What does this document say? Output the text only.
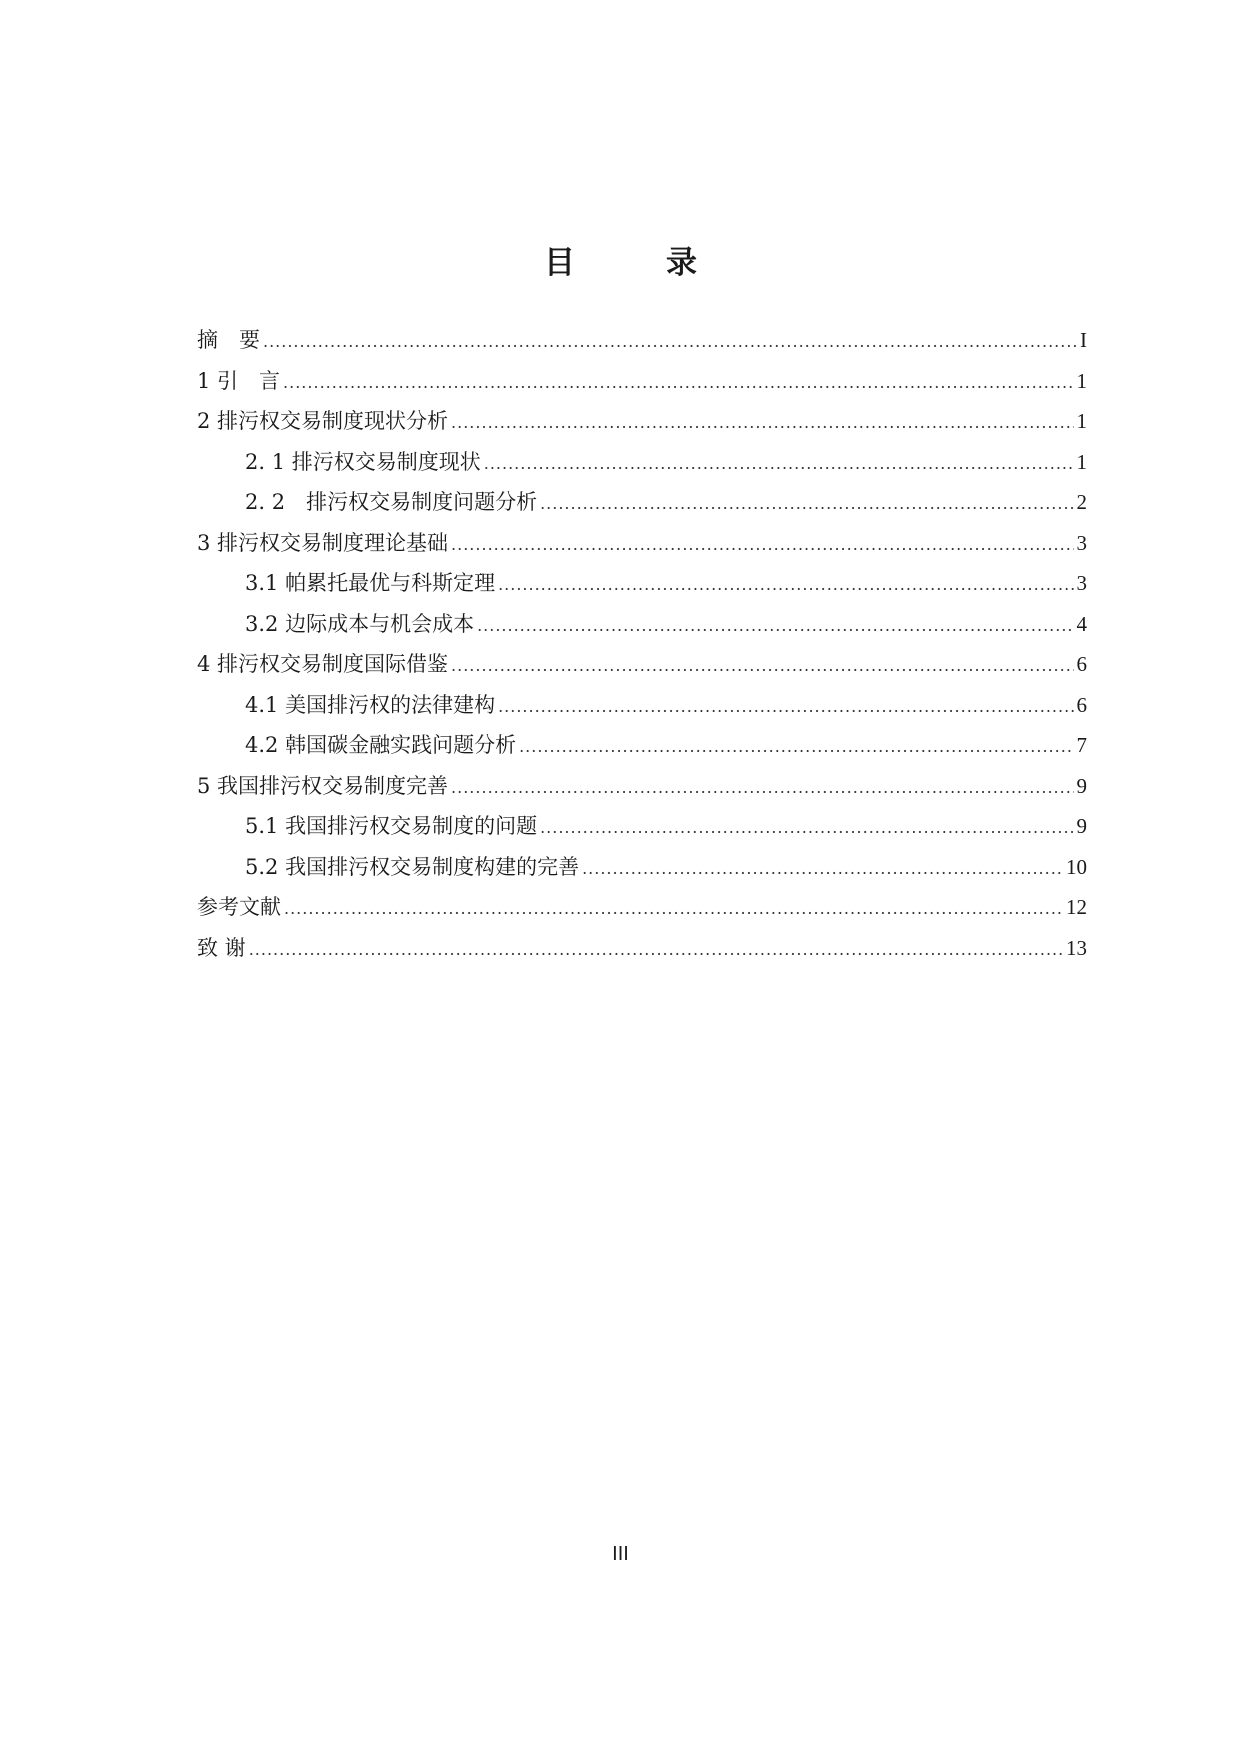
目　录
摘　要 .....	I
1 引　言 .....	1
2 排污权交易制度现状分析 .....	1
2. 1 排污权交易制度现状 .....	1
2. 2　排污权交易制度问题分析 .....	2
3 排污权交易制度理论基础 .....	3
3.1 帕累托最优与科斯定理 .....	3
3.2 边际成本与机会成本 .....	4
4 排污权交易制度国际借鉴 .....	6
4.1 美国排污权的法律建构 .....	6
4.2 韩国碳金融实践问题分析 .....	7
5 我国排污权交易制度完善 .....	9
5.1 我国排污权交易制度的问题 .....	9
5.2 我国排污权交易制度构建的完善 .....	10
参考文献 .....	12
致 谢 .....	13
III
